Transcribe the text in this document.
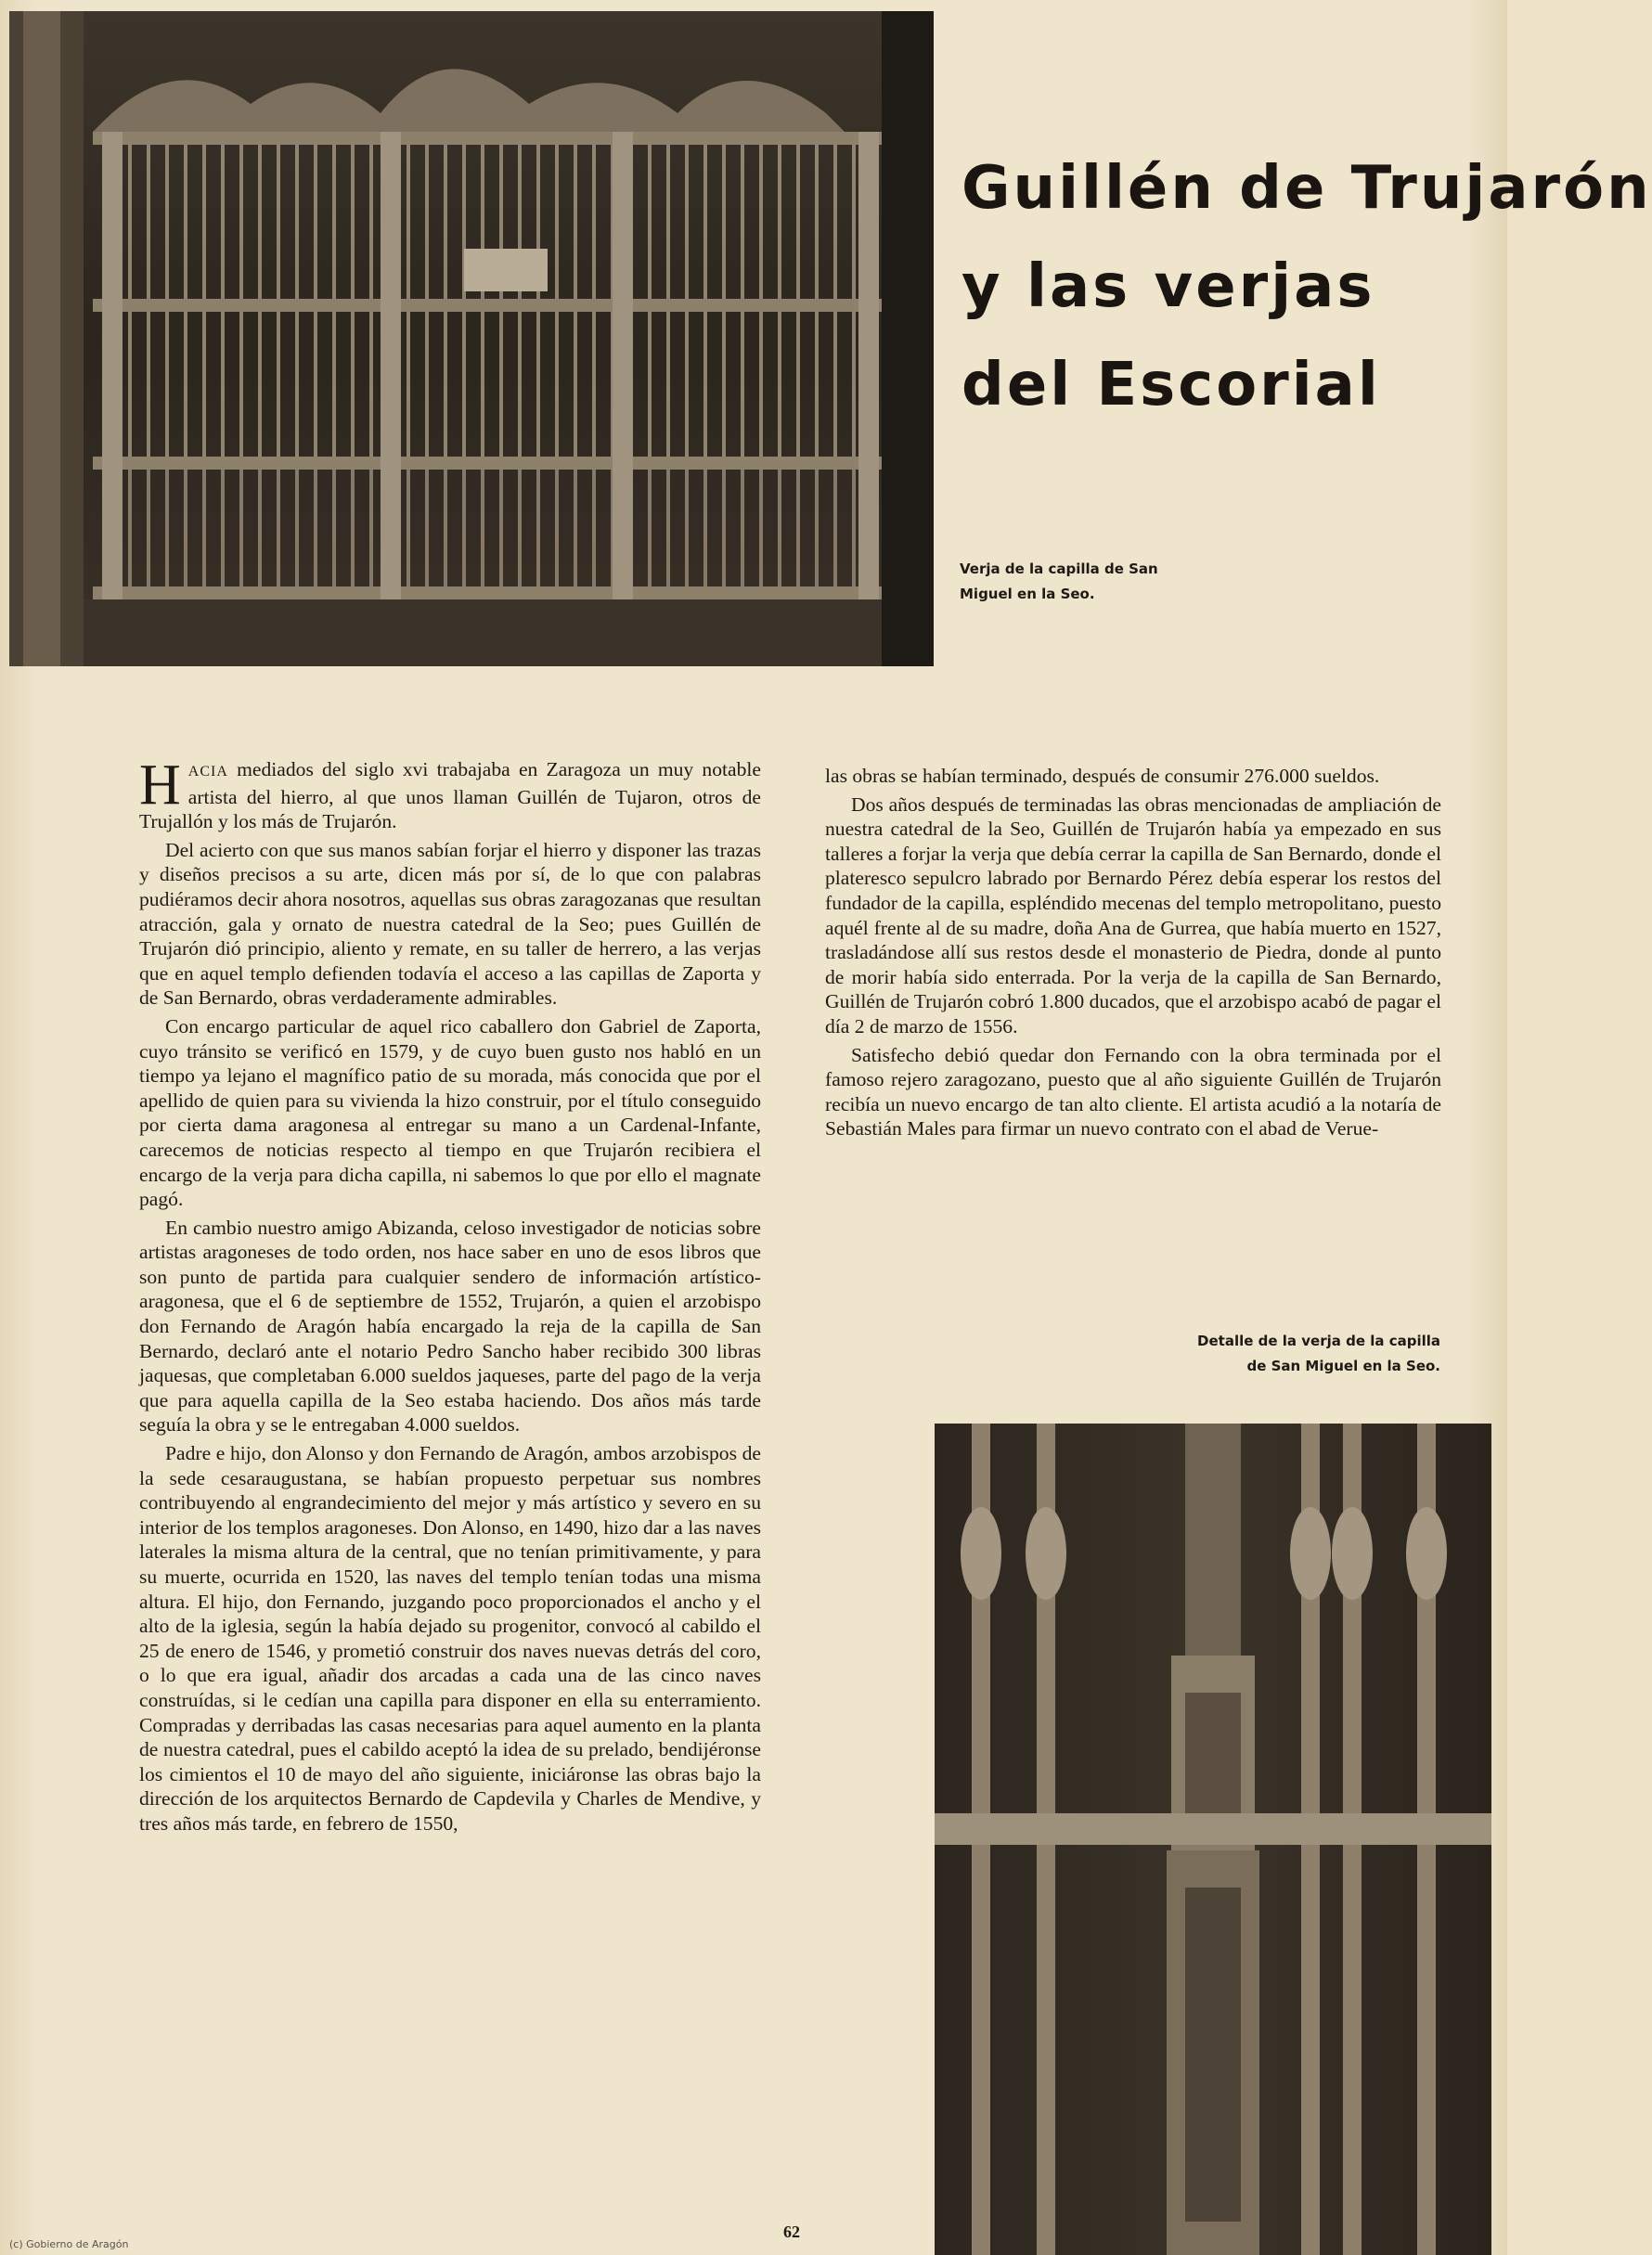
Guillén de Trujarón
y las verjas
del Escorial
Verja de la capilla de San Miguel en la Seo.

HACIA mediados del siglo xvi trabajaba en Zaragoza un muy notable artista del hierro, al que unos llaman Guillén de Tujaron, otros de Trujallón y los más de Trujarón.

Del acierto con que sus manos sabían forjar el hierro y disponer las trazas y diseños precisos a su arte, dicen más por sí, de lo que con palabras pudiéramos decir ahora nosotros, aquellas sus obras zaragozanas que resultan atracción, gala y ornato de nuestra catedral de la Seo; pues Guillén de Trujarón dió principio, aliento y remate, en su taller de herrero, a las verjas que en aquel templo defienden todavía el acceso a las capillas de Zaporta y de San Bernardo, obras verdaderamente admirables.

Con encargo particular de aquel rico caballero don Gabriel de Zaporta, cuyo tránsito se verificó en 1579, y de cuyo buen gusto nos habló en un tiempo ya lejano el magnífico patio de su morada, más conocida que por el apellido de quien para su vivienda la hizo construir, por el título conseguido por cierta dama aragonesa al entregar su mano a un Cardenal-Infante, carecemos de noticias respecto al tiempo en que Trujarón recibiera el encargo de la verja para dicha capilla, ni sabemos lo que por ello el magnate pagó.

En cambio nuestro amigo Abizanda, celoso investigador de noticias sobre artistas aragoneses de todo orden, nos hace saber en uno de esos libros que son punto de partida para cualquier sendero de información artístico-aragonesa, que el 6 de septiembre de 1552, Trujarón, a quien el arzobispo don Fernando de Aragón había encargado la reja de la capilla de San Bernardo, declaró ante el notario Pedro Sancho haber recibido 300 libras jaquesas, que completaban 6.000 sueldos jaqueses, parte del pago de la verja que para aquella capilla de la Seo estaba haciendo. Dos años más tarde seguía la obra y se le entregaban 4.000 sueldos.

Padre e hijo, don Alonso y don Fernando de Aragón, ambos arzobispos de la sede cesaraugustana, se habían propuesto perpetuar sus nombres contribuyendo al engrandecimiento del mejor y más artístico y severo en su interior de los templos aragoneses. Don Alonso, en 1490, hizo dar a las naves laterales la misma altura de la central, que no tenían primitivamente, y para su muerte, ocurrida en 1520, las naves del templo tenían todas una misma altura. El hijo, don Fernando, juzgando poco proporcionados el ancho y el alto de la iglesia, según la había dejado su progenitor, convocó al cabildo el 25 de enero de 1546, y prometió construir dos naves nuevas detrás del coro, o lo que era igual, añadir dos arcadas a cada una de las cinco naves construídas, si le cedían una capilla para disponer en ella su enterramiento. Compradas y derribadas las casas necesarias para aquel aumento en la planta de nuestra catedral, pues el cabildo aceptó la idea de su prelado, bendijéronse los cimientos el 10 de mayo del año siguiente, iniciáronse las obras bajo la dirección de los arquitectos Bernardo de Capdevila y Charles de Mendive, y tres años más tarde, en febrero de 1550,

las obras se habían terminado, después de consumir 276.000 sueldos.

Dos años después de terminadas las obras mencionadas de ampliación de nuestra catedral de la Seo, Guillén de Trujarón había ya empezado en sus talleres a forjar la verja que debía cerrar la capilla de San Bernardo, donde el plateresco sepulcro labrado por Bernardo Pérez debía esperar los restos del fundador de la capilla, espléndido mecenas del templo metropolitano, puesto aquél frente al de su madre, doña Ana de Gurrea, que había muerto en 1527, trasladándose allí sus restos desde el monasterio de Piedra, donde al punto de morir había sido enterrada. Por la verja de la capilla de San Bernardo, Guillén de Trujarón cobró 1.800 ducados, que el arzobispo acabó de pagar el día 2 de marzo de 1556.

Satisfecho debió quedar don Fernando con la obra terminada por el famoso rejero zaragozano, puesto que al año siguiente Guillén de Trujarón recibía un nuevo encargo de tan alto cliente. El artista acudió a la notaría de Sebastián Males para firmar un nuevo contrato con el abad de Verue-

Detalle de la verja de la capilla de San Miguel en la Seo.
62
(c) Gobierno de Aragón
